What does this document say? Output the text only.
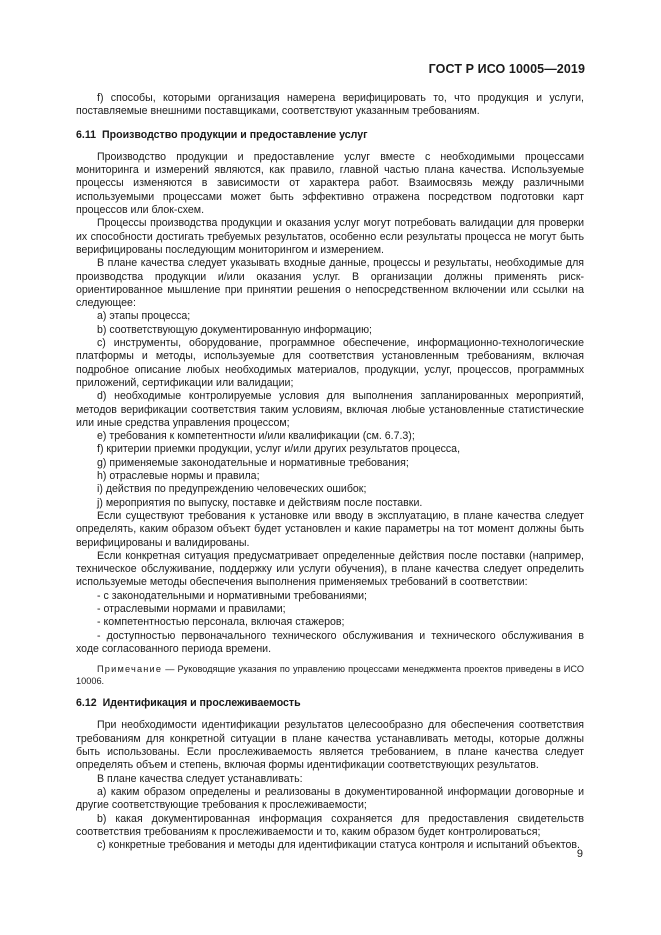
ГОСТ Р ИСО 10005—2019

f) способы, которыми организация намерена верифицировать то, что продукция и услуги, поставляемые внешними поставщиками, соответствуют указанным требованиям.

6.11 Производство продукции и предоставление услуг

Производство продукции и предоставление услуг вместе с необходимыми процессами мониторинга и измерений являются, как правило, главной частью плана качества. Используемые процессы изменяются в зависимости от характера работ. Взаимосвязь между различными используемыми процессами может быть эффективно отражена посредством подготовки карт процессов или блок-схем.

Процессы производства продукции и оказания услуг могут потребовать валидации для проверки их способности достигать требуемых результатов, особенно если результаты процесса не могут быть верифицированы последующим мониторингом и измерением.

В плане качества следует указывать входные данные, процессы и результаты, необходимые для производства продукции и/или оказания услуг. В организации должны применять риск-ориентированное мышление при принятии решения о непосредственном включении или ссылки на следующее:

a) этапы процесса;

b) соответствующую документированную информацию;

c) инструменты, оборудование, программное обеспечение, информационно-технологические платформы и методы, используемые для соответствия установленным требованиям, включая подробное описание любых необходимых материалов, продукции, услуг, процессов, программных приложений, сертификации или валидации;

d) необходимые контролируемые условия для выполнения запланированных мероприятий, методов верификации соответствия таким условиям, включая любые установленные статистические или иные средства управления процессом;

e) требования к компетентности и/или квалификации (см. 6.7.3);

f) критерии приемки продукции, услуг и/или других результатов процесса,

g) применяемые законодательные и нормативные требования;

h) отраслевые нормы и правила;

i) действия по предупреждению человеческих ошибок;

j) мероприятия по выпуску, поставке и действиям после поставки.

Если существуют требования к установке или вводу в эксплуатацию, в плане качества следует определять, каким образом объект будет установлен и какие параметры на тот момент должны быть верифицированы и валидированы.

Если конкретная ситуация предусматривает определенные действия после поставки (например, техническое обслуживание, поддержку или услуги обучения), в плане качества следует определить используемые методы обеспечения выполнения применяемых требований в соответствии:

- с законодательными и нормативными требованиями;

- отраслевыми нормами и правилами;

- компетентностью персонала, включая стажеров;

- доступностью первоначального технического обслуживания и технического обслуживания в ходе согласованного периода времени.

Примечание — Руководящие указания по управлению процессами менеджмента проектов приведены в ИСО 10006.

6.12 Идентификация и прослеживаемость

При необходимости идентификации результатов целесообразно для обеспечения соответствия требованиям для конкретной ситуации в плане качества устанавливать методы, которые должны быть использованы. Если прослеживаемость является требованием, в плане качества следует определять объем и степень, включая формы идентификации соответствующих результатов.

В плане качества следует устанавливать:

a) каким образом определены и реализованы в документированной информации договорные и другие соответствующие требования к прослеживаемости;

b) какая документированная информация сохраняется для предоставления свидетельств соответствия требованиям к прослеживаемости и то, каким образом будет контролироваться;

c) конкретные требования и методы для идентификации статуса контроля и испытаний объектов.

9
